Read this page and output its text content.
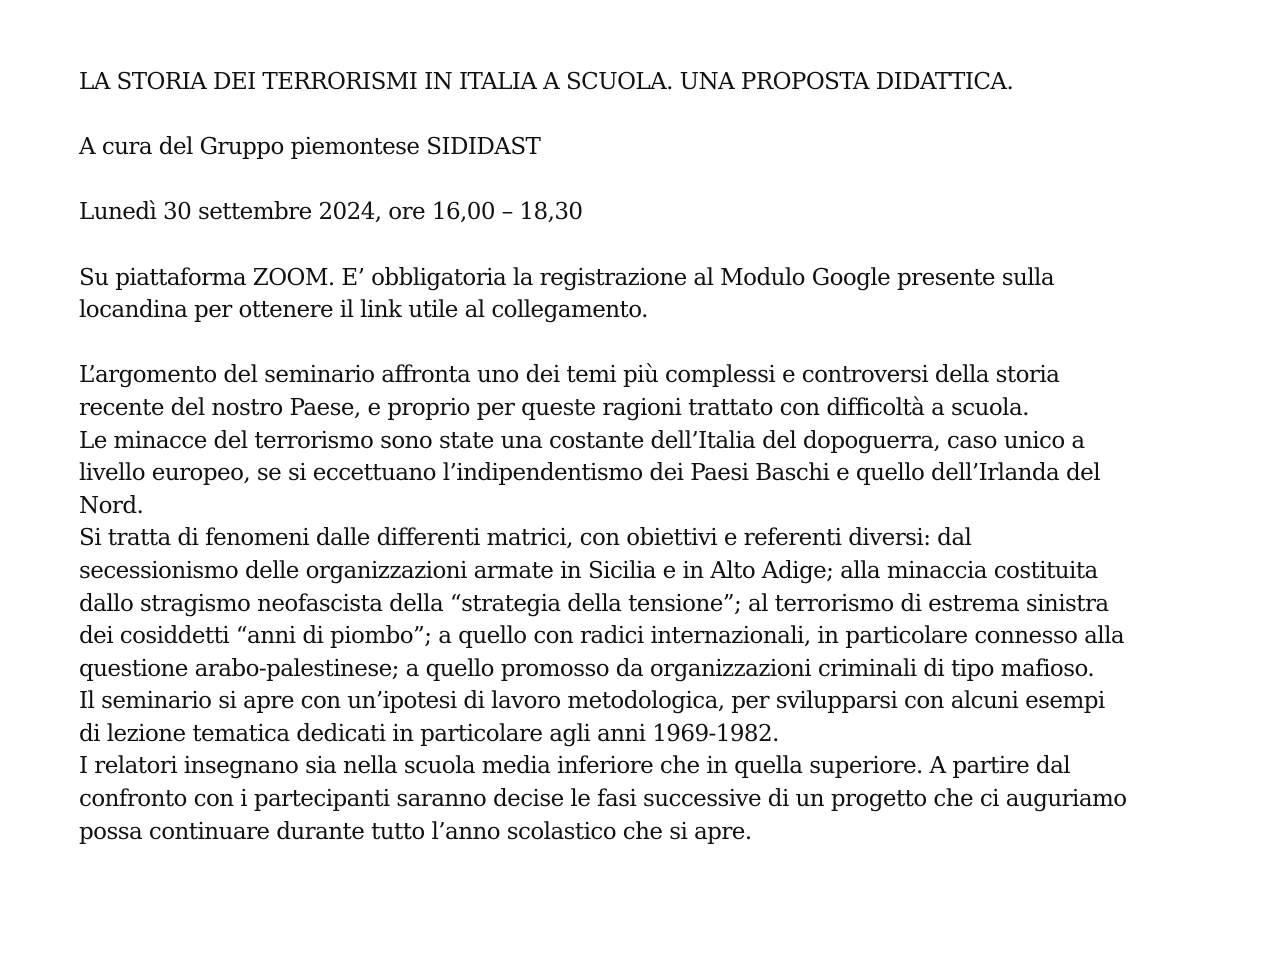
LA STORIA DEI TERRORISMI IN ITALIA A SCUOLA. UNA PROPOSTA DIDATTICA.

A cura del Gruppo piemontese SIDIDAST

Lunedì 30 settembre 2024, ore 16,00 – 18,30

Su piattaforma ZOOM. E’ obbligatoria la registrazione al Modulo Google presente sulla
locandina per ottenere il link utile al collegamento.

L’argomento del seminario affronta uno dei temi più complessi e controversi della storia
recente del nostro Paese, e proprio per queste ragioni trattato con difficoltà a scuola.
Le minacce del terrorismo sono state una costante dell’Italia del dopoguerra, caso unico a
livello europeo, se si eccettuano l’indipendentismo dei Paesi Baschi e quello dell’Irlanda del
Nord.
Si tratta di fenomeni dalle differenti matrici, con obiettivi e referenti diversi: dal
secessionismo delle organizzazioni armate in Sicilia e in Alto Adige; alla minaccia costituita
dallo stragismo neofascista della “strategia della tensione”; al terrorismo di estrema sinistra
dei cosiddetti “anni di piombo”; a quello con radici internazionali, in particolare connesso alla
questione arabo-palestinese; a quello promosso da organizzazioni criminali di tipo mafioso.
Il seminario si apre con un’ipotesi di lavoro metodologica, per svilupparsi con alcuni esempi
di lezione tematica dedicati in particolare agli anni 1969-1982.
I relatori insegnano sia nella scuola media inferiore che in quella superiore. A partire dal
confronto con i partecipanti saranno decise le fasi successive di un progetto che ci auguriamo
possa continuare durante tutto l’anno scolastico che si apre.
